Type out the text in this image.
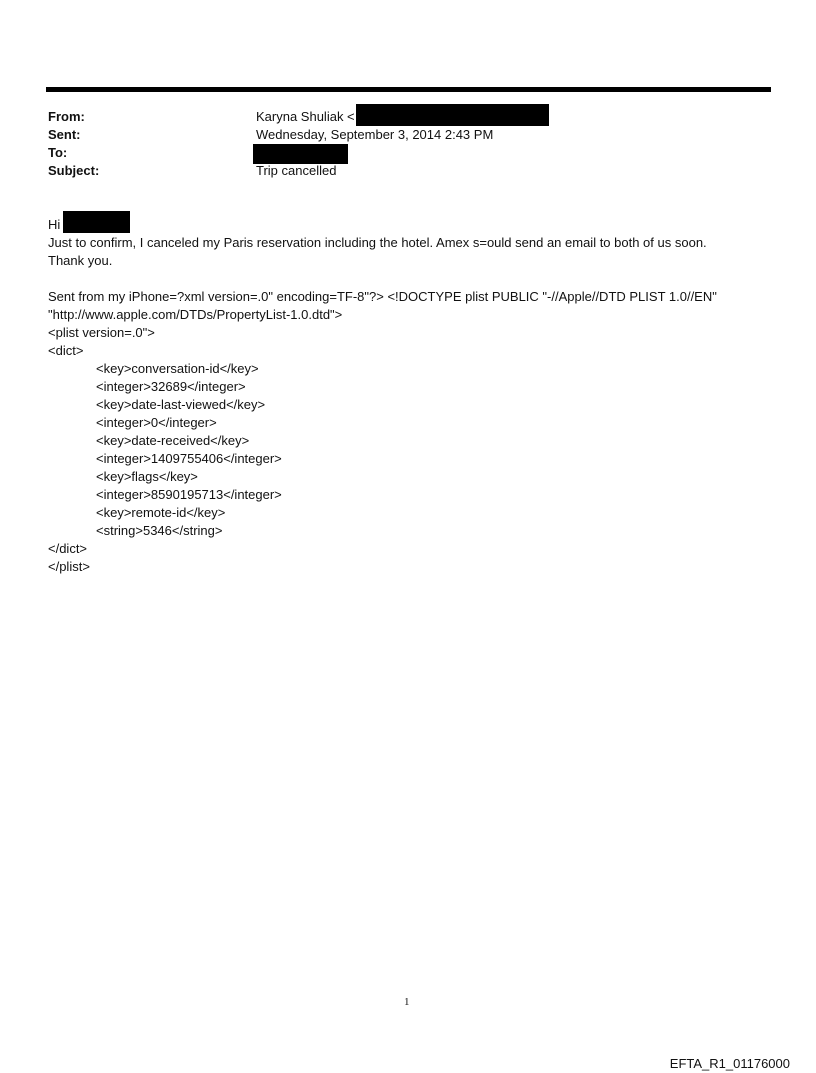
From:	Karyna Shuliak <
Sent:	Wednesday, September 3, 2014 2:43 PM
To:
Subject:	Trip cancelled
Hi
Just to confirm, I canceled my Paris reservation including the hotel. Amex s=ould send an email to both of us soon.
Thank you.
Sent from my iPhone=?xml version=.0" encoding=TF-8"?> <!DOCTYPE plist PUBLIC "-//Apple//DTD PLIST 1.0//EN"
"http://www.apple.com/DTDs/PropertyList-1.0.dtd">
<plist version=.0">
<dict>
<key>conversation-id</key>
<integer>32689</integer>
<key>date-last-viewed</key>
<integer>0</integer>
<key>date-received</key>
<integer>1409755406</integer>
<key>flags</key>
<integer>8590195713</integer>
<key>remote-id</key>
<string>5346</string>
</dict>
</plist>
1
EFTA_R1_01176000
